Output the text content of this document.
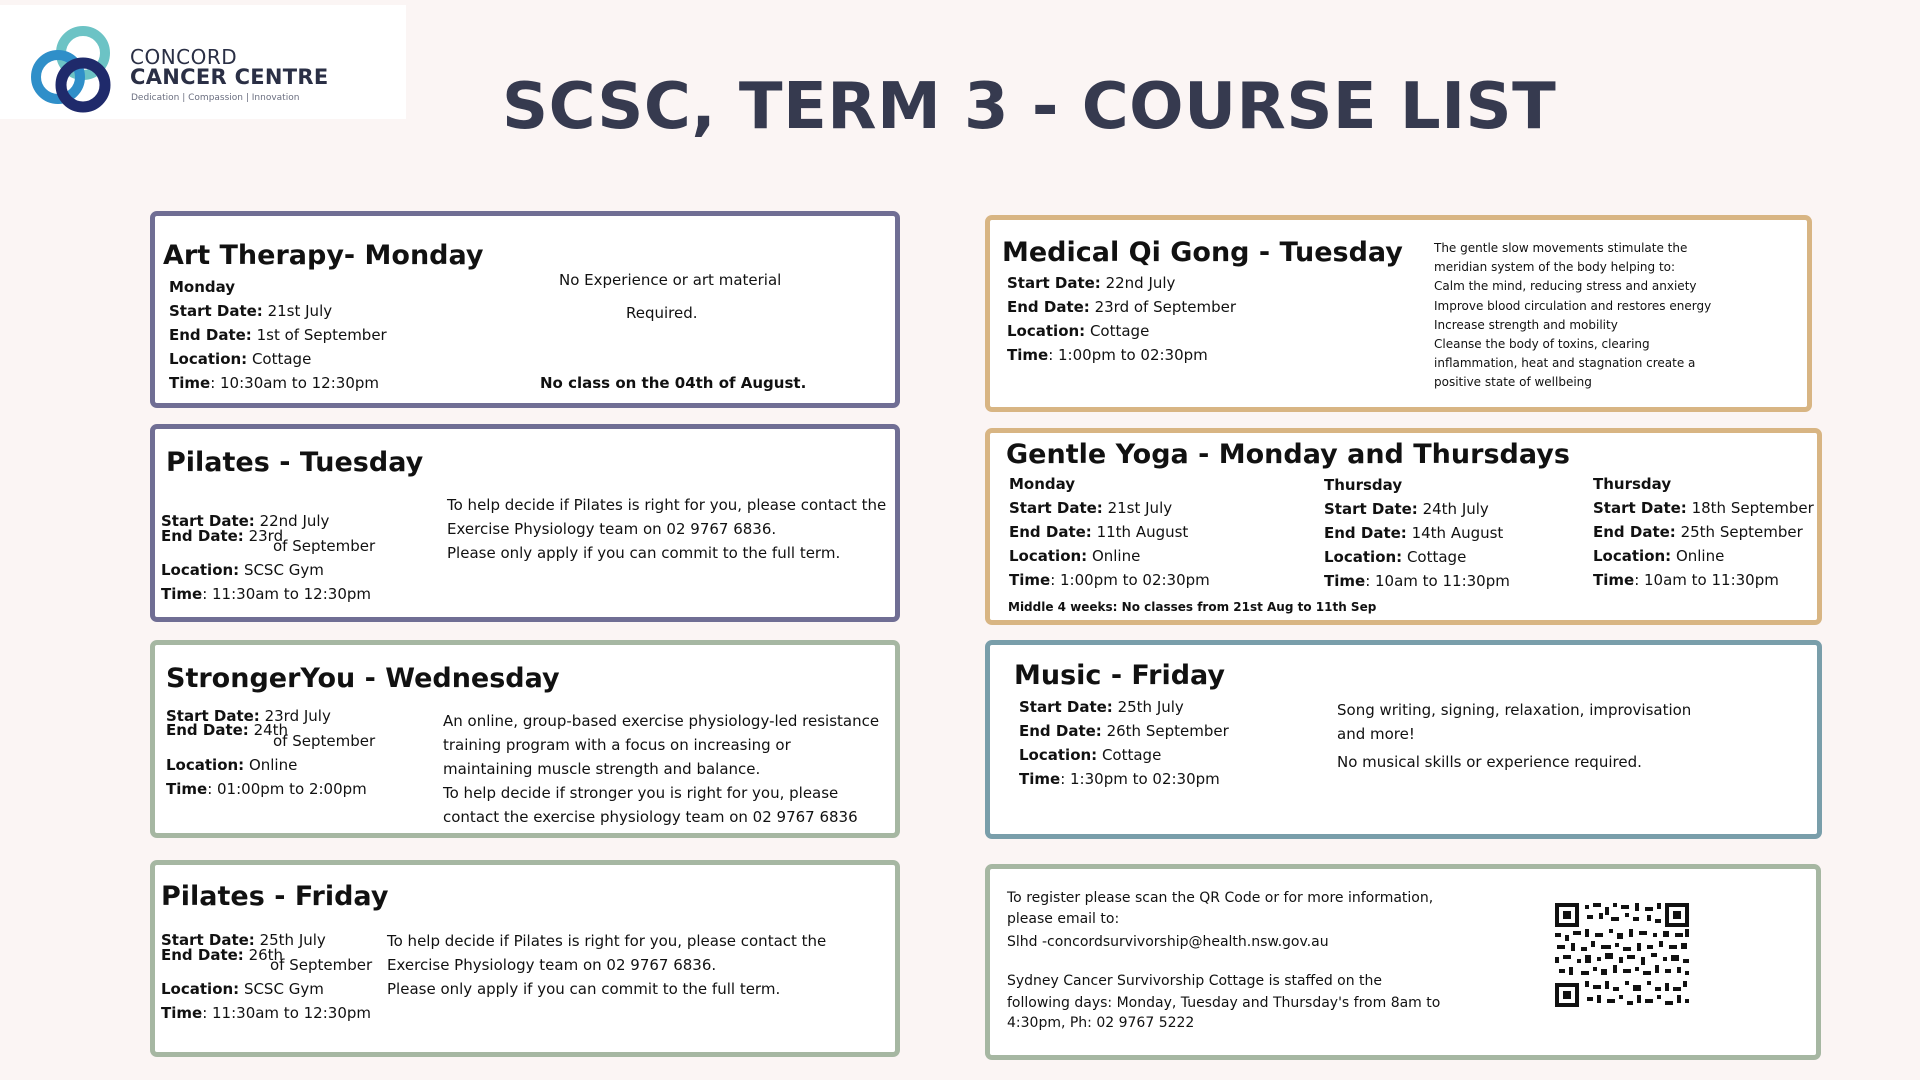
CONCORD
CANCER CENTRE
Dedication | Compassion | Innovation	SCSC, TERM 3 - COURSE LIST
Art Therapy- Monday
Monday
Start Date: 21st July
End Date: 1st of September
Location: Cottage
Time: 10:30am to 12:30pm
No Experience or art material
Required.
No class on the 04th of August.
Pilates - Tuesday
Start Date: 22nd July
End Date: 23rd
of September
Location: SCSC Gym
Time: 11:30am to 12:30pm
To help decide if Pilates is right for you, please contact the
Exercise Physiology team on 02 9767 6836.
Please only apply if you can commit to the full term.
StrongerYou - Wednesday
Start Date: 23rd July
End Date: 24th
of September
Location: Online
Time: 01:00pm to 2:00pm
An online, group-based exercise physiology-led resistance
training program with a focus on increasing or
maintaining muscle strength and balance.
To help decide if stronger you is right for you, please
contact the exercise physiology team on 02 9767 6836
Pilates - Friday
Start Date: 25th July
End Date: 26th
of September
Location: SCSC Gym
Time: 11:30am to 12:30pm
To help decide if Pilates is right for you, please contact the
Exercise Physiology team on 02 9767 6836.
Please only apply if you can commit to the full term.
Medical Qi Gong - Tuesday
Start Date: 22nd July
End Date: 23rd of September
Location: Cottage
Time: 1:00pm to 02:30pm
The gentle slow movements stimulate the
meridian system of the body helping to:
Calm the mind, reducing stress and anxiety
Improve blood circulation and restores energy
Increase strength and mobility
Cleanse the body of toxins, clearing
inflammation, heat and stagnation create a
positive state of wellbeing
Gentle Yoga - Monday and Thursdays
Monday
Start Date: 21st July
End Date: 11th August
Location: Online
Time: 1:00pm to 02:30pm
Thursday
Start Date: 24th July
End Date: 14th August
Location: Cottage
Time: 10am to 11:30pm
Thursday
Start Date: 18th September
End Date: 25th September
Location: Online
Time: 10am to 11:30pm
Middle 4 weeks: No classes from 21st Aug to 11th Sep
Music - Friday
Start Date: 25th July
End Date: 26th September
Location: Cottage
Time: 1:30pm to 02:30pm
Song writing, signing, relaxation, improvisation
and more!
No musical skills or experience required.
To register please scan the QR Code or for more information,
please email to:
Slhd -concordsurvivorship@health.nsw.gov.au
Sydney Cancer Survivorship Cottage is staffed on the
following days: Monday, Tuesday and Thursday's from 8am to
4:30pm, Ph: 02 9767 5222
